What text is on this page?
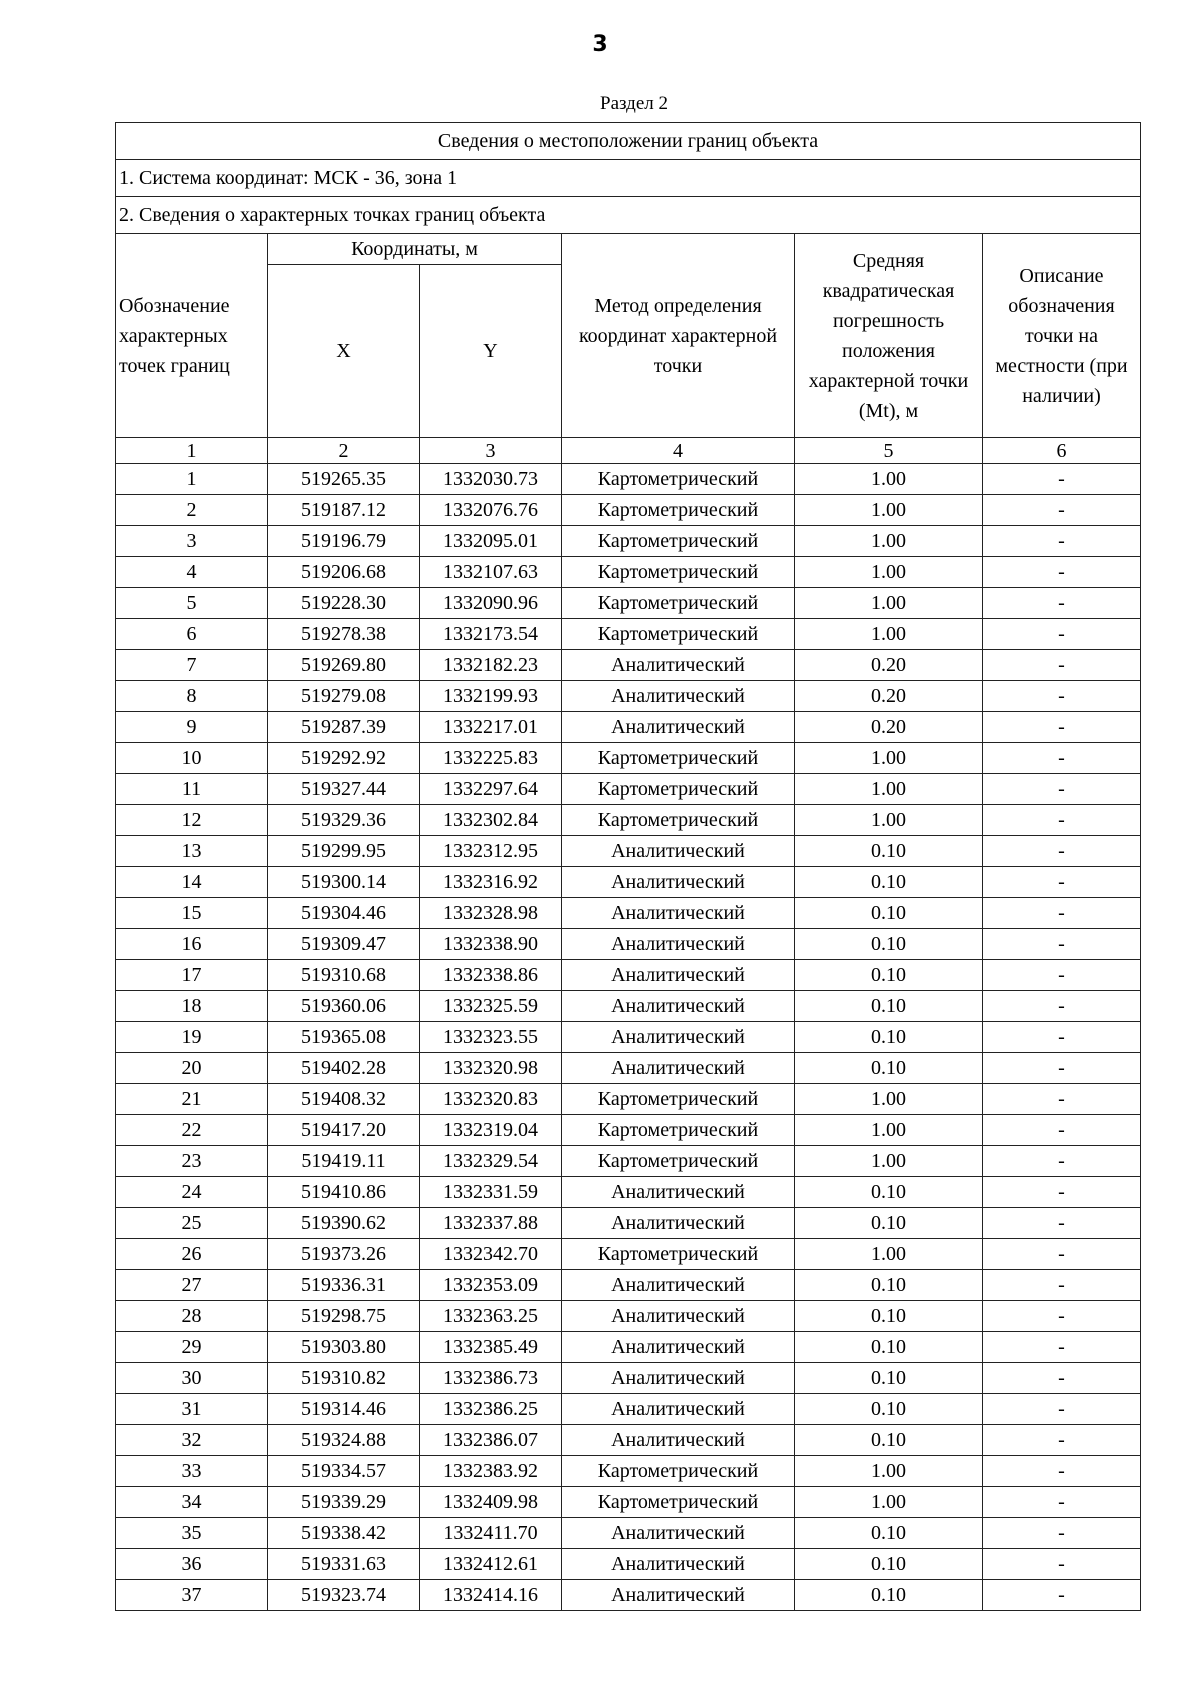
3
Раздел 2
Сведения о местоположении границ объекта					
1. Система координат: МСК - 36, зона 1					
2. Сведения о характерных точках границ объекта					
Обозначение характерных точек границ	Координаты, м		Метод определения координат характерной точки	Средняя квадратическая погрешность положения характерной точки (Mt), м	Описание обозначения точки на местности (при наличии)
	X	Y			
1	2	3	4	5	6
1	519265.35	1332030.73	Картометрический	1.00	-
2	519187.12	1332076.76	Картометрический	1.00	-
3	519196.79	1332095.01	Картометрический	1.00	-
4	519206.68	1332107.63	Картометрический	1.00	-
5	519228.30	1332090.96	Картометрический	1.00	-
6	519278.38	1332173.54	Картометрический	1.00	-
7	519269.80	1332182.23	Аналитический	0.20	-
8	519279.08	1332199.93	Аналитический	0.20	-
9	519287.39	1332217.01	Аналитический	0.20	-
10	519292.92	1332225.83	Картометрический	1.00	-
11	519327.44	1332297.64	Картометрический	1.00	-
12	519329.36	1332302.84	Картометрический	1.00	-
13	519299.95	1332312.95	Аналитический	0.10	-
14	519300.14	1332316.92	Аналитический	0.10	-
15	519304.46	1332328.98	Аналитический	0.10	-
16	519309.47	1332338.90	Аналитический	0.10	-
17	519310.68	1332338.86	Аналитический	0.10	-
18	519360.06	1332325.59	Аналитический	0.10	-
19	519365.08	1332323.55	Аналитический	0.10	-
20	519402.28	1332320.98	Аналитический	0.10	-
21	519408.32	1332320.83	Картометрический	1.00	-
22	519417.20	1332319.04	Картометрический	1.00	-
23	519419.11	1332329.54	Картометрический	1.00	-
24	519410.86	1332331.59	Аналитический	0.10	-
25	519390.62	1332337.88	Аналитический	0.10	-
26	519373.26	1332342.70	Картометрический	1.00	-
27	519336.31	1332353.09	Аналитический	0.10	-
28	519298.75	1332363.25	Аналитический	0.10	-
29	519303.80	1332385.49	Аналитический	0.10	-
30	519310.82	1332386.73	Аналитический	0.10	-
31	519314.46	1332386.25	Аналитический	0.10	-
32	519324.88	1332386.07	Аналитический	0.10	-
33	519334.57	1332383.92	Картометрический	1.00	-
34	519339.29	1332409.98	Картометрический	1.00	-
35	519338.42	1332411.70	Аналитический	0.10	-
36	519331.63	1332412.61	Аналитический	0.10	-
37	519323.74	1332414.16	Аналитический	0.10	-
